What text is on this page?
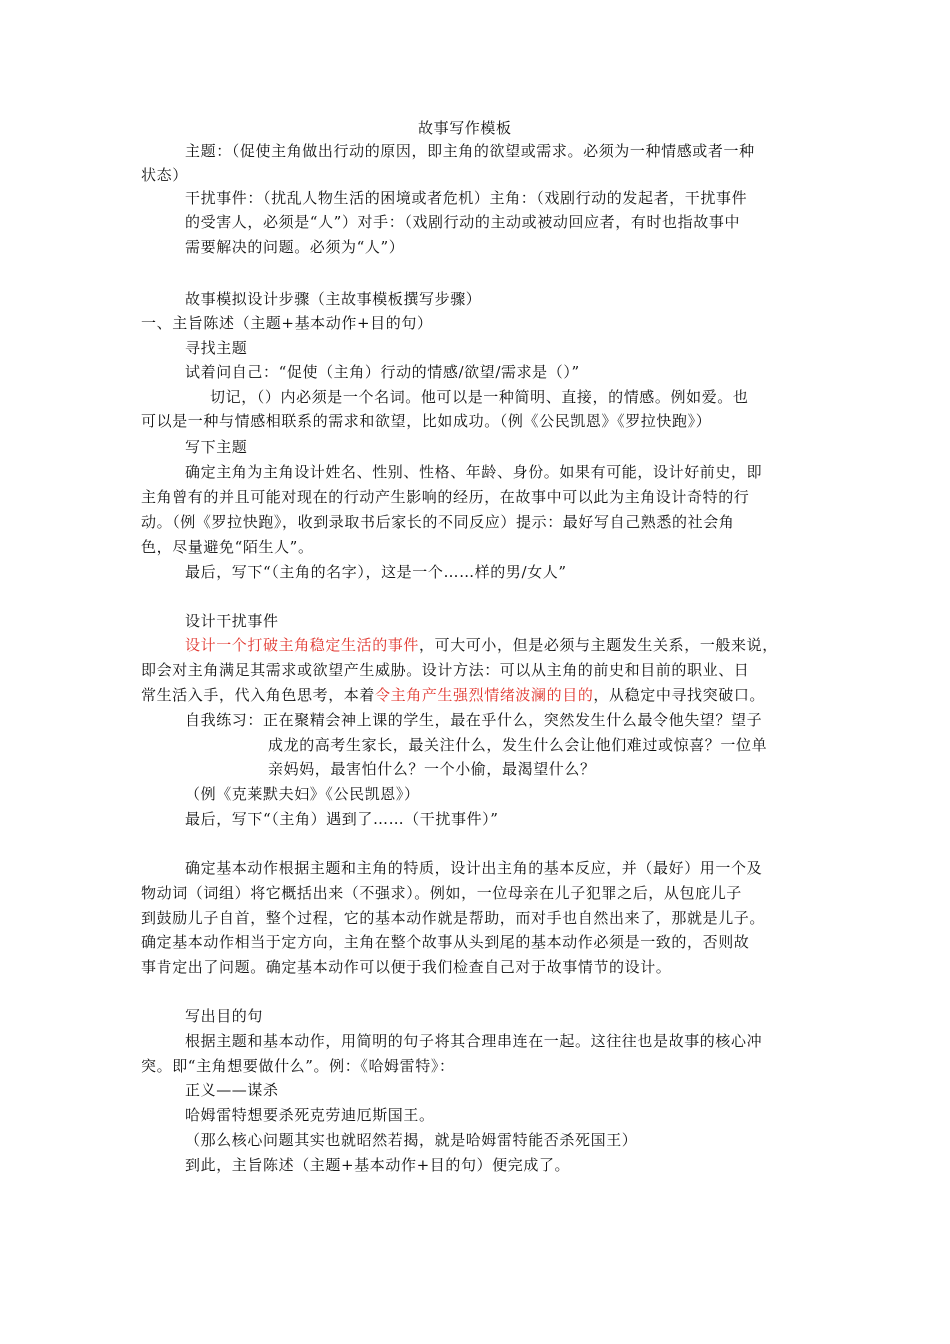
故事写作模板
主题：（促使主角做出行动的原因，即主角的欲望或需求。必须为一种情感或者一种
状态）
干扰事件：（扰乱人物生活的困境或者危机）主角：（戏剧行动的发起者，干扰事件
的受害人，必须是“人”）对手：（戏剧行动的主动或被动回应者，有时也指故事中
需要解决的问题。必须为“人”）
故事模拟设计步骤（主故事模板撰写步骤）
一、主旨陈述（主题+基本动作+目的句）
寻找主题
试着问自己：“促使（主角）行动的情感/欲望/需求是（）”
切记，（）内必须是一个名词。他可以是一种简明、直接，的情感。例如爱。也
可以是一种与情感相联系的需求和欲望，比如成功。（例《公民凯恩》《罗拉快跑》）
写下主题
确定主角为主角设计姓名、性别、性格、年龄、身份。如果有可能，设计好前史，即
主角曾有的并且可能对现在的行动产生影响的经历，在故事中可以此为主角设计奇特的行
动。（例《罗拉快跑》，收到录取书后家长的不同反应）提示：最好写自己熟悉的社会角
色，尽量避免“陌生人”。
最后，写下“（主角的名字），这是一个……样的男/女人”
设计干扰事件
设计一个打破主角稳定生活的事件，可大可小，但是必须与主题发生关系，一般来说，
即会对主角满足其需求或欲望产生威胁。设计方法：可以从主角的前史和目前的职业、日
常生活入手，代入角色思考，本着令主角产生强烈情绪波澜的目的，从稳定中寻找突破口。
自我练习：正在聚精会神上课的学生，最在乎什么，突然发生什么最令他失望？望子
成龙的高考生家长，最关注什么，发生什么会让他们难过或惊喜？一位单
亲妈妈，最害怕什么？一个小偷，最渴望什么？
（例《克莱默夫妇》《公民凯恩》）
最后，写下“（主角）遇到了……（干扰事件）”
确定基本动作根据主题和主角的特质，设计出主角的基本反应，并（最好）用一个及
物动词（词组）将它概括出来（不强求）。例如，一位母亲在儿子犯罪之后，从包庇儿子
到鼓励儿子自首，整个过程，它的基本动作就是帮助，而对手也自然出来了，那就是儿子。
确定基本动作相当于定方向，主角在整个故事从头到尾的基本动作必须是一致的，否则故
事肯定出了问题。确定基本动作可以便于我们检查自己对于故事情节的设计。
写出目的句
根据主题和基本动作，用简明的句子将其合理串连在一起。这往往也是故事的核心冲
突。即“主角想要做什么”。例：《哈姆雷特》：
正义——谋杀
哈姆雷特想要杀死克劳迪厄斯国王。
（那么核心问题其实也就昭然若揭，就是哈姆雷特能否杀死国王）
到此，主旨陈述（主题+基本动作+目的句）便完成了。
